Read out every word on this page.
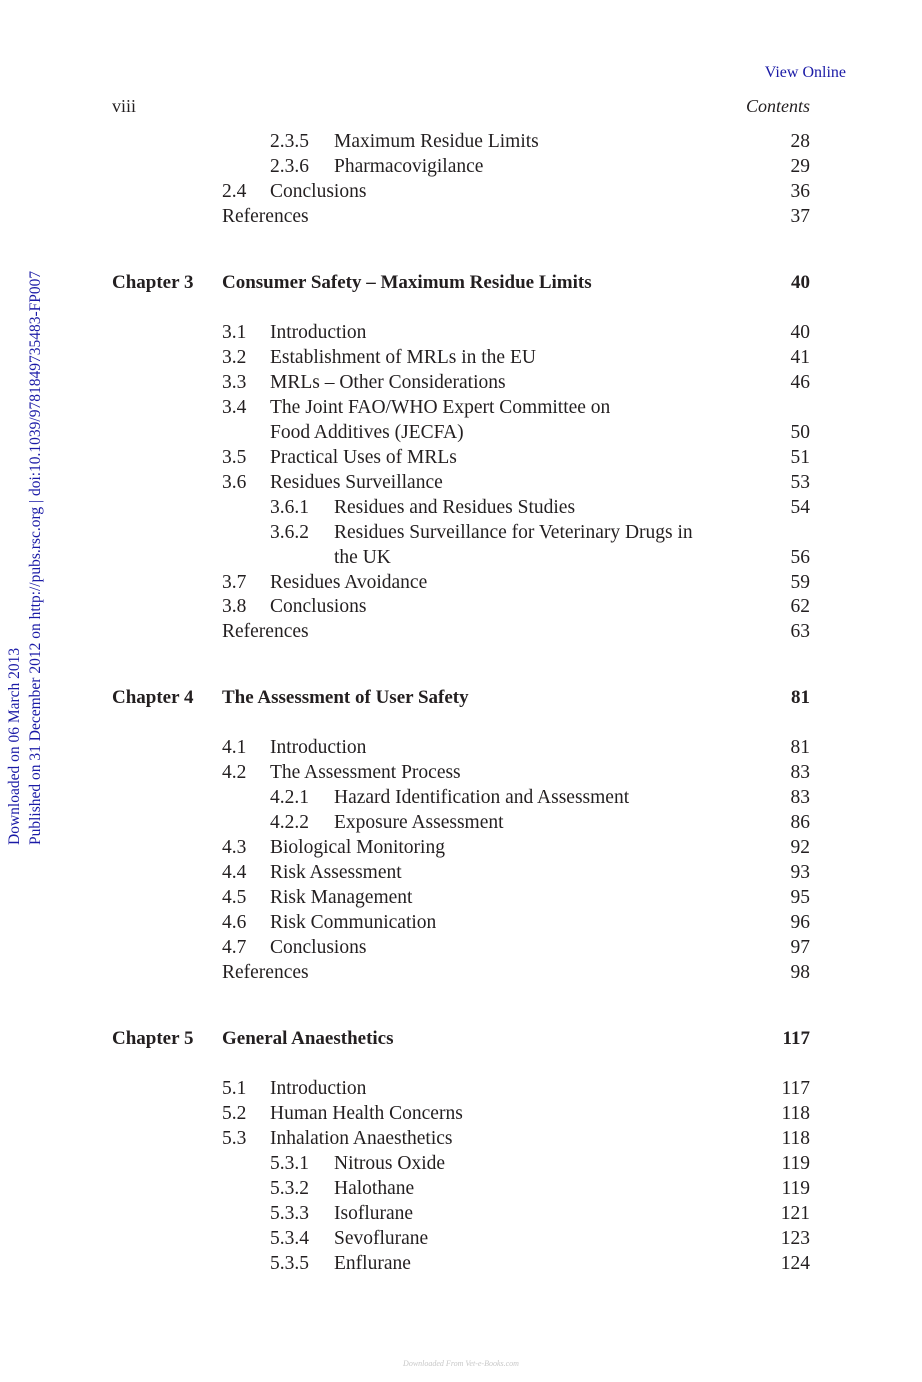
View Online
viii	Contents
Downloaded on 06 March 2013 Published on 31 December 2012 on http://pubs.rsc.org | doi:10.1039/9781849735483-FP007
2.3.5 Maximum Residue Limits	28
2.3.6 Pharmacovigilance	29
2.4 Conclusions	36
References	37
Chapter 3 Consumer Safety – Maximum Residue Limits	40
3.1 Introduction	40
3.2 Establishment of MRLs in the EU	41
3.3 MRLs – Other Considerations	46
3.4 The Joint FAO/WHO Expert Committee on
Food Additives (JECFA)	50
3.5 Practical Uses of MRLs	51
3.6 Residues Surveillance	53
3.6.1 Residues and Residues Studies	54
3.6.2 Residues Surveillance for Veterinary Drugs in
the UK	56
3.7 Residues Avoidance	59
3.8 Conclusions	62
References	63
Chapter 4 The Assessment of User Safety	81
4.1 Introduction	81
4.2 The Assessment Process	83
4.2.1 Hazard Identification and Assessment	83
4.2.2 Exposure Assessment	86
4.3 Biological Monitoring	92
4.4 Risk Assessment	93
4.5 Risk Management	95
4.6 Risk Communication	96
4.7 Conclusions	97
References	98
Chapter 5 General Anaesthetics	117
5.1 Introduction	117
5.2 Human Health Concerns	118
5.3 Inhalation Anaesthetics	118
5.3.1 Nitrous Oxide	119
5.3.2 Halothane	119
5.3.3 Isoflurane	121
5.3.4 Sevoflurane	123
5.3.5 Enflurane	124
Downloaded From Vet-e-Books.com
